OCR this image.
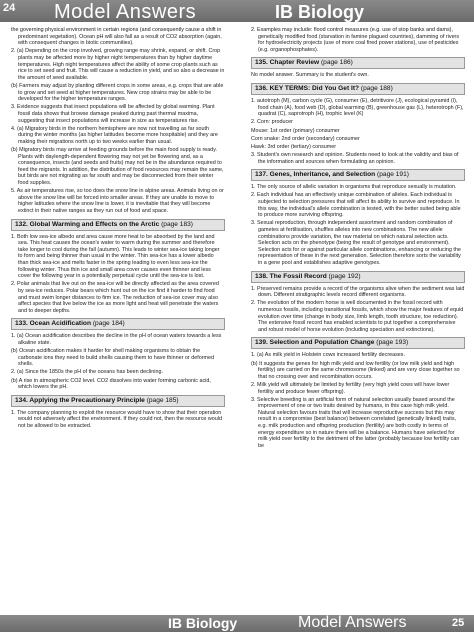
24 Model Answers	IB Biology

the governing physical environment in certain regions (and consequently cause a shift in predominant vegetation). Ocean pH will also fall as a result of CO2 absorption (again, with consequent changes in biotic communities).

2. (a) Depending on the crop involved, growing range may shrink, expand, or shift. Crop plants may be affected more by higher night temperatures than by higher daytime temperatures. High night temperatures affect the ability of some crop plants such as rice to set seed and fruit. This will cause a reduction in yield, and so also a decrease in the amount of seed available.

(b) Farmers may adjust by planting different crops in some areas, e.g. crops that are able to grow and set seed at higher temperatures. New crop strains may be able to be developed for the higher temperature ranges.

3. Evidence suggests that insect populations will be affected by global warming. Plant fossil data shows that browse damage peaked during past thermal maxima, suggesting that insect populations will increase in size as temperatures rise.

4. (a) Migratory birds in the northern hemisphere are now not travelling as far south during the winter months (as higher latitudes become more hospitable) and they are making their migrations north up to two weeks earlier than usual.

(b) Migratory birds may arrive at feeding grounds before the main food supply is ready. Plants with daylength-dependent flowering may not yet be flowering and, as a consequence, insects (and seeds and fruits) may not be in the abundance required to feed the migrants. In addition, the distribution of food resources may remain the same, but birds are not migrating as far south and may be disconnected from their winter food supplies.

5. As air temperatures rise, so too does the snow line in alpine areas. Animals living on or above the snow line will be forced into smaller areas. If they are unable to move to higher latitudes where the snow line is lower, it is inevitable that they will become extinct in their native ranges as they run out of food and space.

132. Global Warming and Effects on the Arctic (page 183)

1. Both low sea-ice albedo and area cause more heat to be absorbed by the land and sea. This heat causes the ocean's water to warm during the summer and therefore take longer to cool during the fall (autumn). This leads to winter sea-ice taking longer to form and being thinner than usual in the winter. Thin sea-ice has a lower albedo than thick sea-ice and melts faster in the spring leading to even less sea-ice the following winter. Thus thin ice and small area cover causes even thinner and less cover the following year in a potentially perpetual cycle until the sea-ice is lost.

2. Polar animals that live out on the sea-ice will be directly affected as the area covered by sea-ice reduces. Polar bears which hunt out on the ice find it harder to find food and must swim longer distances to firm ice. The reduction of sea-ice cover may also affect species that live below the ice as more light and heat will penetrate the waters and to deeper depths.

133. Ocean Acidification (page 184)

1. (a) Ocean acidification describes the decline in the pH of ocean waters towards a less alkaline state.

(b) Ocean acidification makes it harder for shell making organisms to obtain the carbonate ions they need to build shells causing them to have thinner or deformed shells.

2. (a) Since the 1850s the pH of the oceans has been declining.

(b) A rise in atmospheric CO2 level. CO2 dissolves into water forming carbonic acid, which lowers the pH.

134. Applying the Precautionary Principle (page 185)

1. The company planning to exploit the resource would have to show that their operation would not adversely affect the environment. If they could not, then the resource would not be allowed to be extracted.

2. Examples may include: flood control measures (e.g. use of stop banks and dams), genetically modified food (starvation in famine plagued countries), damming of rivers for hydroelectricity projects (use of more coal fired power stations), use of pesticides (e.g. organophosphates).

135. Chapter Review (page 186)

No model answer. Summary is the student's own.

136. KEY TERMS: Did You Get It? (page 188)

1. autotroph (M), carbon cycle (G), consumer (E), detritivore (J), ecological pyramid (I), food chain (A), food web (D), global warming (B), greenhouse gas (L), heterotroph (F), quadrat (C), saprotroph (H), trophic level (K)

2. Corn: producer

Mouse: 1st order (primary) consumer

Corn snake: 2nd order (secondary) consumer

Hawk: 3rd order (tertiary) consumer

3. Student's own research and opinion. Students need to look at the validity and bias of the information and sources when formulating an opinion.

137. Genes, Inheritance, and Selection (page 191)

1. The only source of allelic variation in organisms that reproduce sexually is mutation.

2. Each individual has an effectively unique combination of alleles. Each individual is subjected to selection pressures that will affect its ability to survive and reproduce. In this way, the individual's allele combination is tested, with the better suited being able to produce more surviving offspring.

3. Sexual reproduction, through independent assortment and random combination of gametes at fertilisation, shuffles alleles into new combinations. The new allele combinations provide variation, the raw material on which natural selection acts. Selection acts on the phenotype (being the result of genotype and environment). Selection acts for or against particular allele combinations, enhancing or reducing the representation of these in the next generation. Selection therefore sorts the variability in a gene pool and establishes adaptive genotypes.

138. The Fossil Record (page 192)

1. Preserved remains provide a record of the organisms alive when the sediment was laid down. Different stratigraphic levels record different organisms.

2. The evolution of the modern horse is well documented in the fossil record with numerous fossils, including transitional fossils, which show the major features of equid evolution over time (change in body size, limb length, tooth structure, toe reduction). The extensive fossil record has enabled scientists to put together a comprehensive and robust model of horse evolution (including speciation and extinctions).

139. Selection and Population Change (page 193)

1. (a) As milk yield in Holstein cows increased fertility decreases.

(b) It suggests the genes for high milk yield and low fertility (or low milk yield and high fertility) are carried on the same chromosome (linked) and are very close together so that no crossing over and recombination occurs.

2. Milk yield will ultimately be limited by fertility (very high yield cows will have lower fertility and produce fewer offspring).

3. Selective breeding is an artificial form of natural selection usually based around the improvement of one or two traits desired by humans, in this case high milk yield. Natural selection favours traits that will increase reproductive success but this may result in a compromise (best balance) between correlated (genetically linked) traits, e.g. milk production and offspring production (fertility) are both costly in terms of energy expenditure so in nature there will be a balance. Humans have selected for milk yield over fertility to the detriment of the latter (probably because low fertility can be

IB Biology	Model Answers	25
